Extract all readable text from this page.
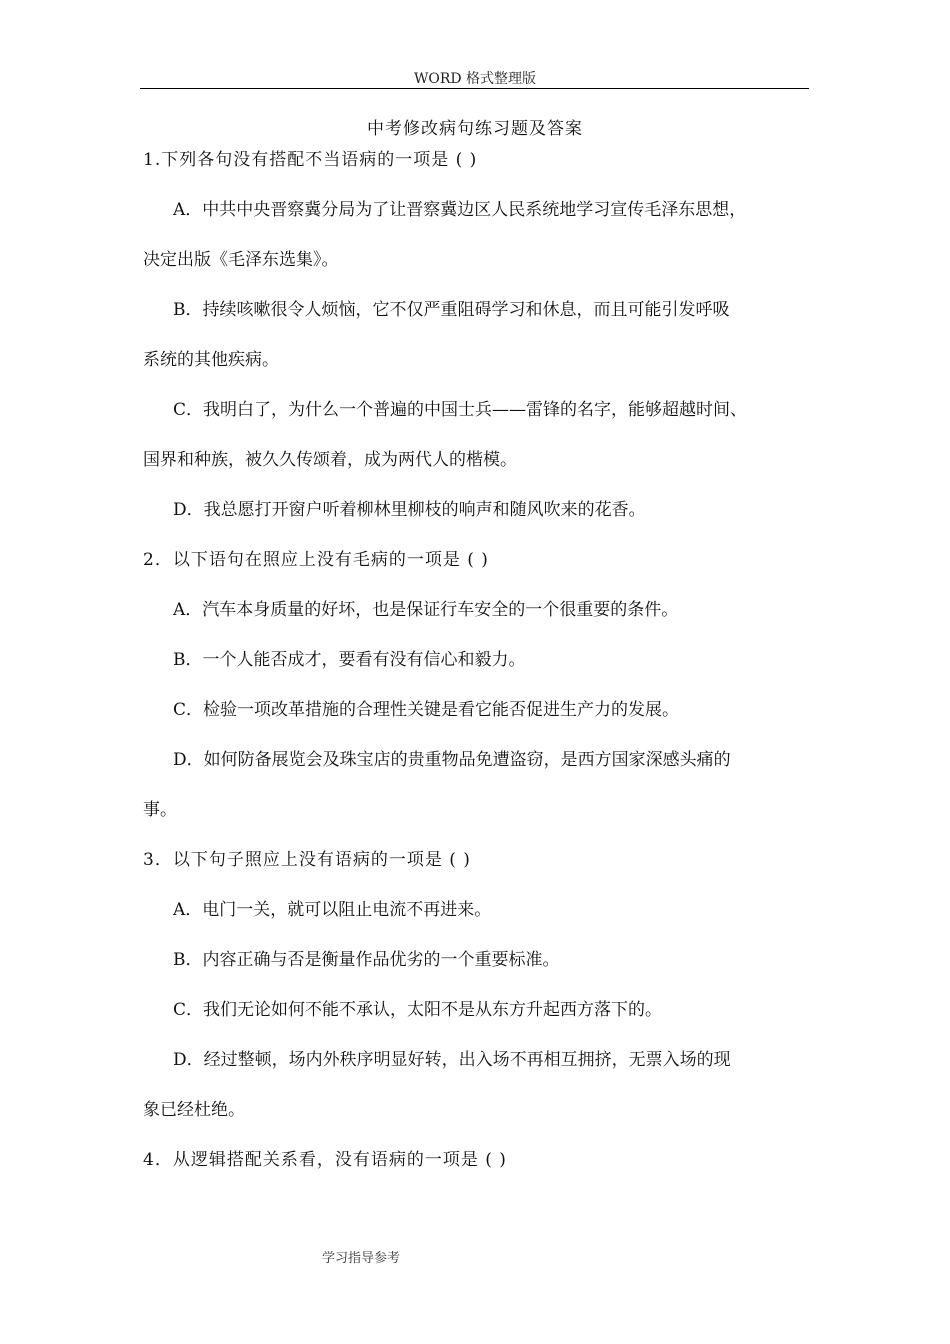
WORD 格式整理版
中考修改病句练习题及答案
1.下列各句没有搭配不当语病的一项是 ( )
A．中共中央晋察冀分局为了让晋察冀边区人民系统地学习宣传毛泽东思想，
决定出版《毛泽东选集》。
B．持续咳嗽很令人烦恼，它不仅严重阻碍学习和休息，而且可能引发呼吸
系统的其他疾病。
C．我明白了，为什么一个普遍的中国士兵——雷锋的名字，能够超越时间、
国界和种族，被久久传颂着，成为两代人的楷模。
D．我总愿打开窗户听着柳林里柳枝的响声和随风吹来的花香。
2．以下语句在照应上没有毛病的一项是 ( )
A．汽车本身质量的好坏，也是保证行车安全的一个很重要的条件。
B．一个人能否成才，要看有没有信心和毅力。
C．检验一项改革措施的合理性关键是看它能否促进生产力的发展。
D．如何防备展览会及珠宝店的贵重物品免遭盗窃，是西方国家深感头痛的
事。
3．以下句子照应上没有语病的一项是 ( )
A．电门一关，就可以阻止电流不再进来。
B．内容正确与否是衡量作品优劣的一个重要标准。
C．我们无论如何不能不承认，太阳不是从东方升起西方落下的。
D．经过整顿，场内外秩序明显好转，出入场不再相互拥挤，无票入场的现
象已经杜绝。
4．从逻辑搭配关系看，没有语病的一项是 ( )
学习指导参考
